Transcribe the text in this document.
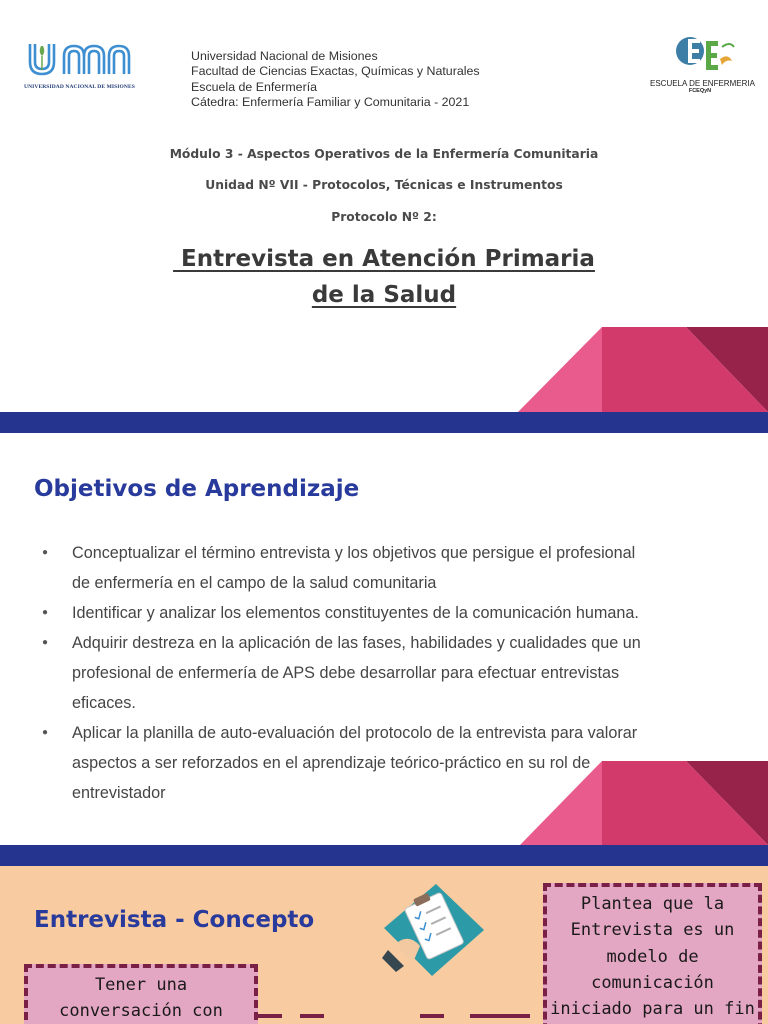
UNIVERSIDAD NACIONAL DE MISIONES
Universidad Nacional de Misiones
Facultad de Ciencias Exactas, Químicas y Naturales
Escuela de Enfermería
Cátedra: Enfermería Familiar y Comunitaria - 2021
ESCUELA DE ENFERMERIA
FCEQyN
Módulo 3 - Aspectos Operativos de la Enfermería Comunitaria
Unidad Nº VII - Protocolos, Técnicas e Instrumentos
Protocolo Nº 2:
Entrevista en Atención Primaria
de la Salud
Objetivos de Aprendizaje
● Conceptualizar el término entrevista y los objetivos que persigue el profesional
de enfermería en el campo de la salud comunitaria
● Identificar y analizar los elementos constituyentes de la comunicación humana.
● Adquirir destreza en la aplicación de las fases, habilidades y cualidades que un
profesional de enfermería de APS debe desarrollar para efectuar entrevistas
eficaces.
● Aplicar la planilla de auto-evaluación del protocolo de la entrevista para valorar
aspectos a ser reforzados en el aprendizaje teórico-práctico en su rol de
entrevistador
Entrevista - Concepto
Tener una
conversación con
Plantea que la
Entrevista es un
modelo de
comunicación
iniciado para un fin
